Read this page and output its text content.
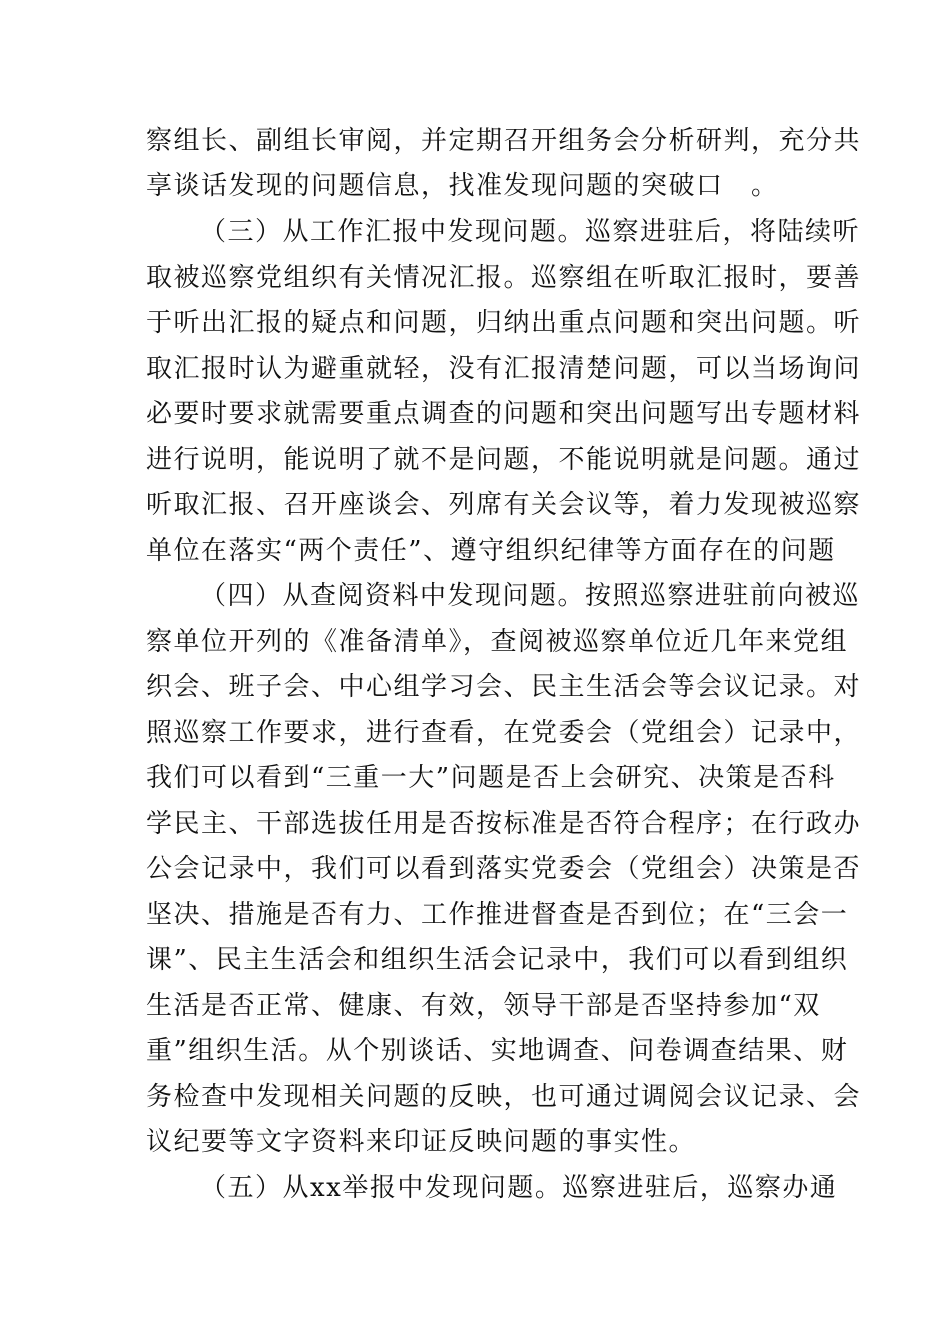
察组长、副组长审阅，并定期召开组务会分析研判，充分共
享谈话发现的问题信息，找准发现问题的突破口　。
（三）从工作汇报中发现问题。巡察进驻后，将陆续听
取被巡察党组织有关情况汇报。巡察组在听取汇报时，要善
于听出汇报的疑点和问题，归纳出重点问题和突出问题。听
取汇报时认为避重就轻，没有汇报清楚问题，可以当场询问
必要时要求就需要重点调查的问题和突出问题写出专题材料
进行说明，能说明了就不是问题，不能说明就是问题。通过
听取汇报、召开座谈会、列席有关会议等，着力发现被巡察
单位在落实“两个责任”、遵守组织纪律等方面存在的问题
（四）从查阅资料中发现问题。按照巡察进驻前向被巡
察单位开列的《准备清单》，查阅被巡察单位近几年来党组
织会、班子会、中心组学习会、民主生活会等会议记录。对
照巡察工作要求，进行查看，在党委会（党组会）记录中，
我们可以看到“三重一大”问题是否上会研究、决策是否科
学民主、干部选拔任用是否按标准是否符合程序；在行政办
公会记录中，我们可以看到落实党委会（党组会）决策是否
坚决、措施是否有力、工作推进督查是否到位；在“三会一
课”、民主生活会和组织生活会记录中，我们可以看到组织
生活是否正常、健康、有效，领导干部是否坚持参加“双
重”组织生活。从个别谈话、实地调查、问卷调查结果、财
务检查中发现相关问题的反映，也可通过调阅会议记录、会
议纪要等文字资料来印证反映问题的事实性。
（五）从xx举报中发现问题。巡察进驻后，巡察办通
